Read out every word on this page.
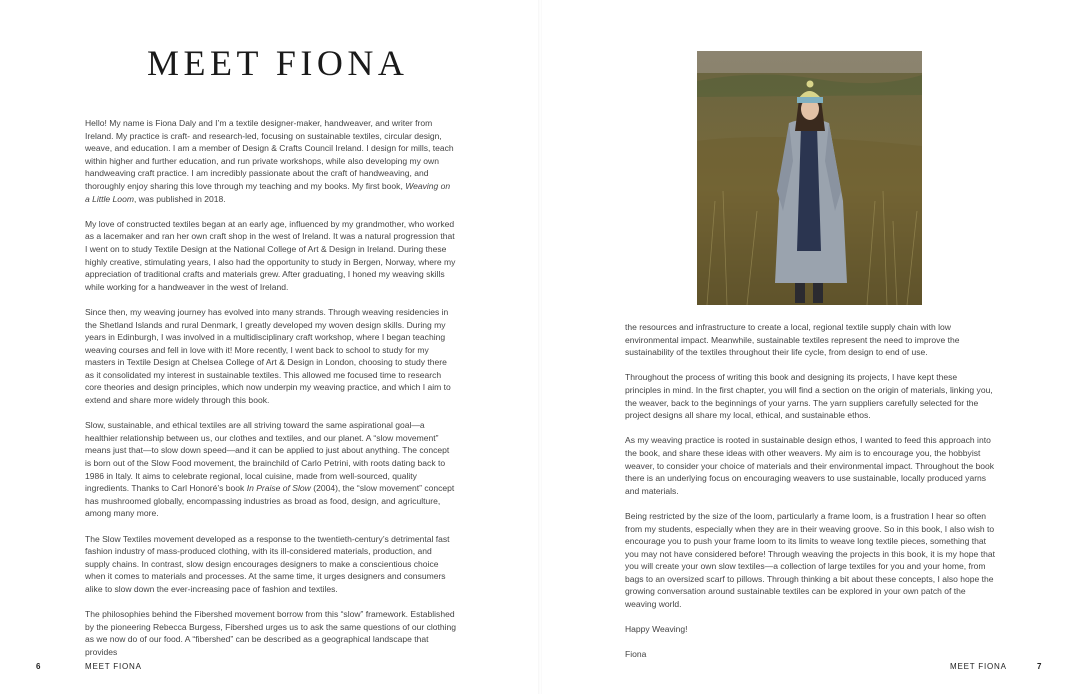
MEET FIONA

Hello! My name is Fiona Daly and I’m a textile designer-maker, handweaver, and writer from Ireland. My practice is craft- and research-led, focusing on sustainable textiles, circular design, weave, and education. I am a member of Design & Crafts Council Ireland. I design for mills, teach within higher and further education, and run private workshops, while also developing my own handweaving craft practice. I am incredibly passionate about the craft of handweaving, and thoroughly enjoy sharing this love through my teaching and my books. My first book, Weaving on a Little Loom, was published in 2018.

My love of constructed textiles began at an early age, influenced by my grandmother, who worked as a lacemaker and ran her own craft shop in the west of Ireland. It was a natural progression that I went on to study Textile Design at the National College of Art & Design in Ireland. During these highly creative, stimulating years, I also had the opportunity to study in Bergen, Norway, where my appreciation of traditional crafts and materials grew. After graduating, I honed my weaving skills while working for a handweaver in the west of Ireland.

Since then, my weaving journey has evolved into many strands. Through weaving residencies in the Shetland Islands and rural Denmark, I greatly developed my woven design skills. During my years in Edinburgh, I was involved in a multidisciplinary craft workshop, where I began teaching weaving courses and fell in love with it! More recently, I went back to school to study for my masters in Textile Design at Chelsea College of Art & Design in London, choosing to study there as it consolidated my interest in sustainable textiles. This allowed me focused time to research core theories and design principles, which now underpin my weaving practice, and which I aim to extend and share more widely through this book.

Slow, sustainable, and ethical textiles are all striving toward the same aspirational goal—a healthier relationship between us, our clothes and textiles, and our planet. A “slow movement” means just that—to slow down speed—and it can be applied to just about anything. The concept is born out of the Slow Food movement, the brainchild of Carlo Petrini, with roots dating back to 1986 in Italy. It aims to celebrate regional, local cuisine, made from well-sourced, quality ingredients. Thanks to Carl Honoré’s book In Praise of Slow (2004), the “slow movement” concept has mushroomed globally, encompassing industries as broad as food, design, and agriculture, among many more.

The Slow Textiles movement developed as a response to the twentieth-century’s detrimental fast fashion industry of mass-produced clothing, with its ill-considered materials, production, and supply chains. In contrast, slow design encourages designers to make a conscientious choice when it comes to materials and processes. At the same time, it urges designers and consumers alike to slow down the ever-increasing pace of fashion and textiles.

The philosophies behind the Fibershed movement borrow from this “slow” framework. Established by the pioneering Rebecca Burgess, Fibershed urges us to ask the same questions of our clothing as we now do of our food. A “fibershed” can be described as a geographical landscape that provides

6	MEET FIONA

the resources and infrastructure to create a local, regional textile supply chain with low environmental impact. Meanwhile, sustainable textiles represent the need to improve the sustainability of the textiles throughout their life cycle, from design to end of use.

Throughout the process of writing this book and designing its projects, I have kept these principles in mind. In the first chapter, you will find a section on the origin of materials, linking you, the weaver, back to the beginnings of your yarns. The yarn suppliers carefully selected for the project designs all share my local, ethical, and sustainable ethos.

As my weaving practice is rooted in sustainable design ethos, I wanted to feed this approach into the book, and share these ideas with other weavers. My aim is to encourage you, the hobbyist weaver, to consider your choice of materials and their environmental impact. Throughout the book there is an underlying focus on encouraging weavers to use sustainable, locally produced yarns and materials.

Being restricted by the size of the loom, particularly a frame loom, is a frustration I hear so often from my students, especially when they are in their weaving groove. So in this book, I also wish to encourage you to push your frame loom to its limits to weave long textile pieces, something that you may not have considered before! Through weaving the projects in this book, it is my hope that you will create your own slow textiles—a collection of large textiles for you and your home, from bags to an oversized scarf to pillows. Through thinking a bit about these concepts, I also hope the growing conversation around sustainable textiles can be explored in your own patch of the weaving world.

Happy Weaving!

Fiona

MEET FIONA	7
